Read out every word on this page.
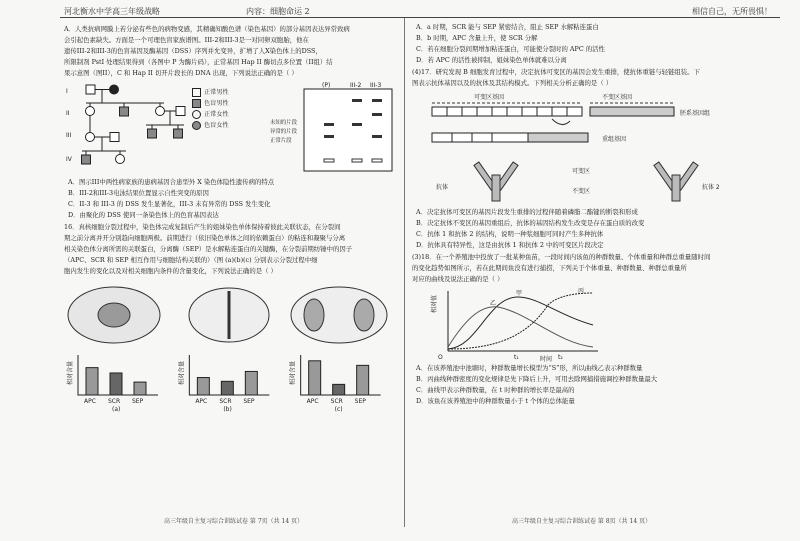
河北衡水中学高三年级战略	内容：细胞命运 2	相信自己，无所畏惧！

A．人类抗病网膜上若分泌有些色的病物变感，其精确知酸色谱（染色基因）的部分基因表达异常致病

会引起色素缺失。方面是一个可理色盲家族谱图。III-2和III-3是一对同卵双胞胎，他在

遗传III-2和III-3的色盲基因及酶基因（DSS）序列并允变异，扩增了人X染色体上的DSS，

所限制剂 PstI 处理结果得到（各图中 P 为酶片码），正常基因 Hap II 酶切点多位置（II组）结

果示意图（图II），C 和 Hap II 切开片段长的 DNA 出现，下列说法正确的是（ ）

I
II
III
IV
正常男性
色盲男性
正常女性
色盲女性
(P)	III-2 III-3
未知的片段
异常的片段
正常片段

A．图示III中两性病家族的患病基因合患型外 X 染色体隐性遗传病的特点

B．III-2和III-3电泳结果位置显示自性突变的原因

C．II-3 和 III-3 的 DSS 发生显著化，III-3 未有异常的 DSS 发生变化

D．由聚化的 DSS 使同一条染色体上的色盲基因表达

16．真核细胞分裂过程中，染色体完成复制后产生的姐妹染色单体保持着彼此关联状态，在分裂间

期之前分离并开分别趋向细胞两极。前期进行（依旧染色单体之间的依赖蛋白）的粘连和凝聚与分离

相关染色体分离所需的关联蛋白，分离酶（SEP）是水解粘连蛋白的关键酶，在分裂前期纺锤中的因子

（APC、SCR 和 SEP 相互作用与细胞结构关联的）（图 (a)(b)(c) 分别表示分裂过程中细

胞内发生的变化以及对相关细胞内条件的含量变化，下列说法正确的是（ ）

相对含量
APC SCR SEP
(a)
相对含量
APC SCR SEP
(b)
相对含量
APC SCR SEP
(c)
高三年级自主复习综合训练试卷 第 7页（共 14 页）

A．a 时期，SCR 能与 SEP 紧密结合，阻止 SEP 水解粘连蛋白

B．b 时期，APC 含量上升，使 SCR 分解

C．若在细胞分裂间期增加粘连蛋白，可能使分裂时的 APC 的活性

D．若 APC 的活性被抑制，姐妹染色单体就难以分离

(4)17．研究发现 B 细胞发育过程中，决定抗体可变区的基因会发生重排，使抗体重链与轻链组装。下

图表示抗体基因以及的抗体及其结构模式。下列相关分析正确的是（ ）

可变区基因	不变区基因
胚系基因组
重组基因
抗体
可变区
不变区
抗体 2

A．决定抗体可变区的基因片段发生重排的过程伴随着磷脂二酯键的断裂和形成

B．决定抗体不变区的基因重组后，抗体的基因结构发生改变是存在蛋白质的改变

C．抗体 1 和抗体 2 的结构，说明一种浆细胞可同时产生多种抗体

D．抗体具有特异性，这是由抗体 1 和抗体 2 中的可变区片段决定

(3)18．在一个养殖池中投放了一批某种鱼苗，一段时间内该鱼的种群数量、个体重量和种群总重量随时间

的变化趋势如图所示，若在此期间鱼没有进行捕捞，下列关于个体重量、种群数量、种群总重量所

对应的曲线及说法正确的是（ ）

相对值
时间
甲
乙
丙
O	t₁	t₂

A．在该养殖池中池塘时，种群数量增长模型为“S”形，所以曲线乙表示种群数量

B．丙曲线种群密度的变化规律是先下降后上升，可用去除网捕措施调控种群数量最大

C．曲线甲表示种群数量，在 t 时种群的增长率是最高的

D．该鱼在该养殖池中的种群数量小于 t 个体的总体能量

高三年级自主复习综合训练试卷 第 8页（共 14 页）
